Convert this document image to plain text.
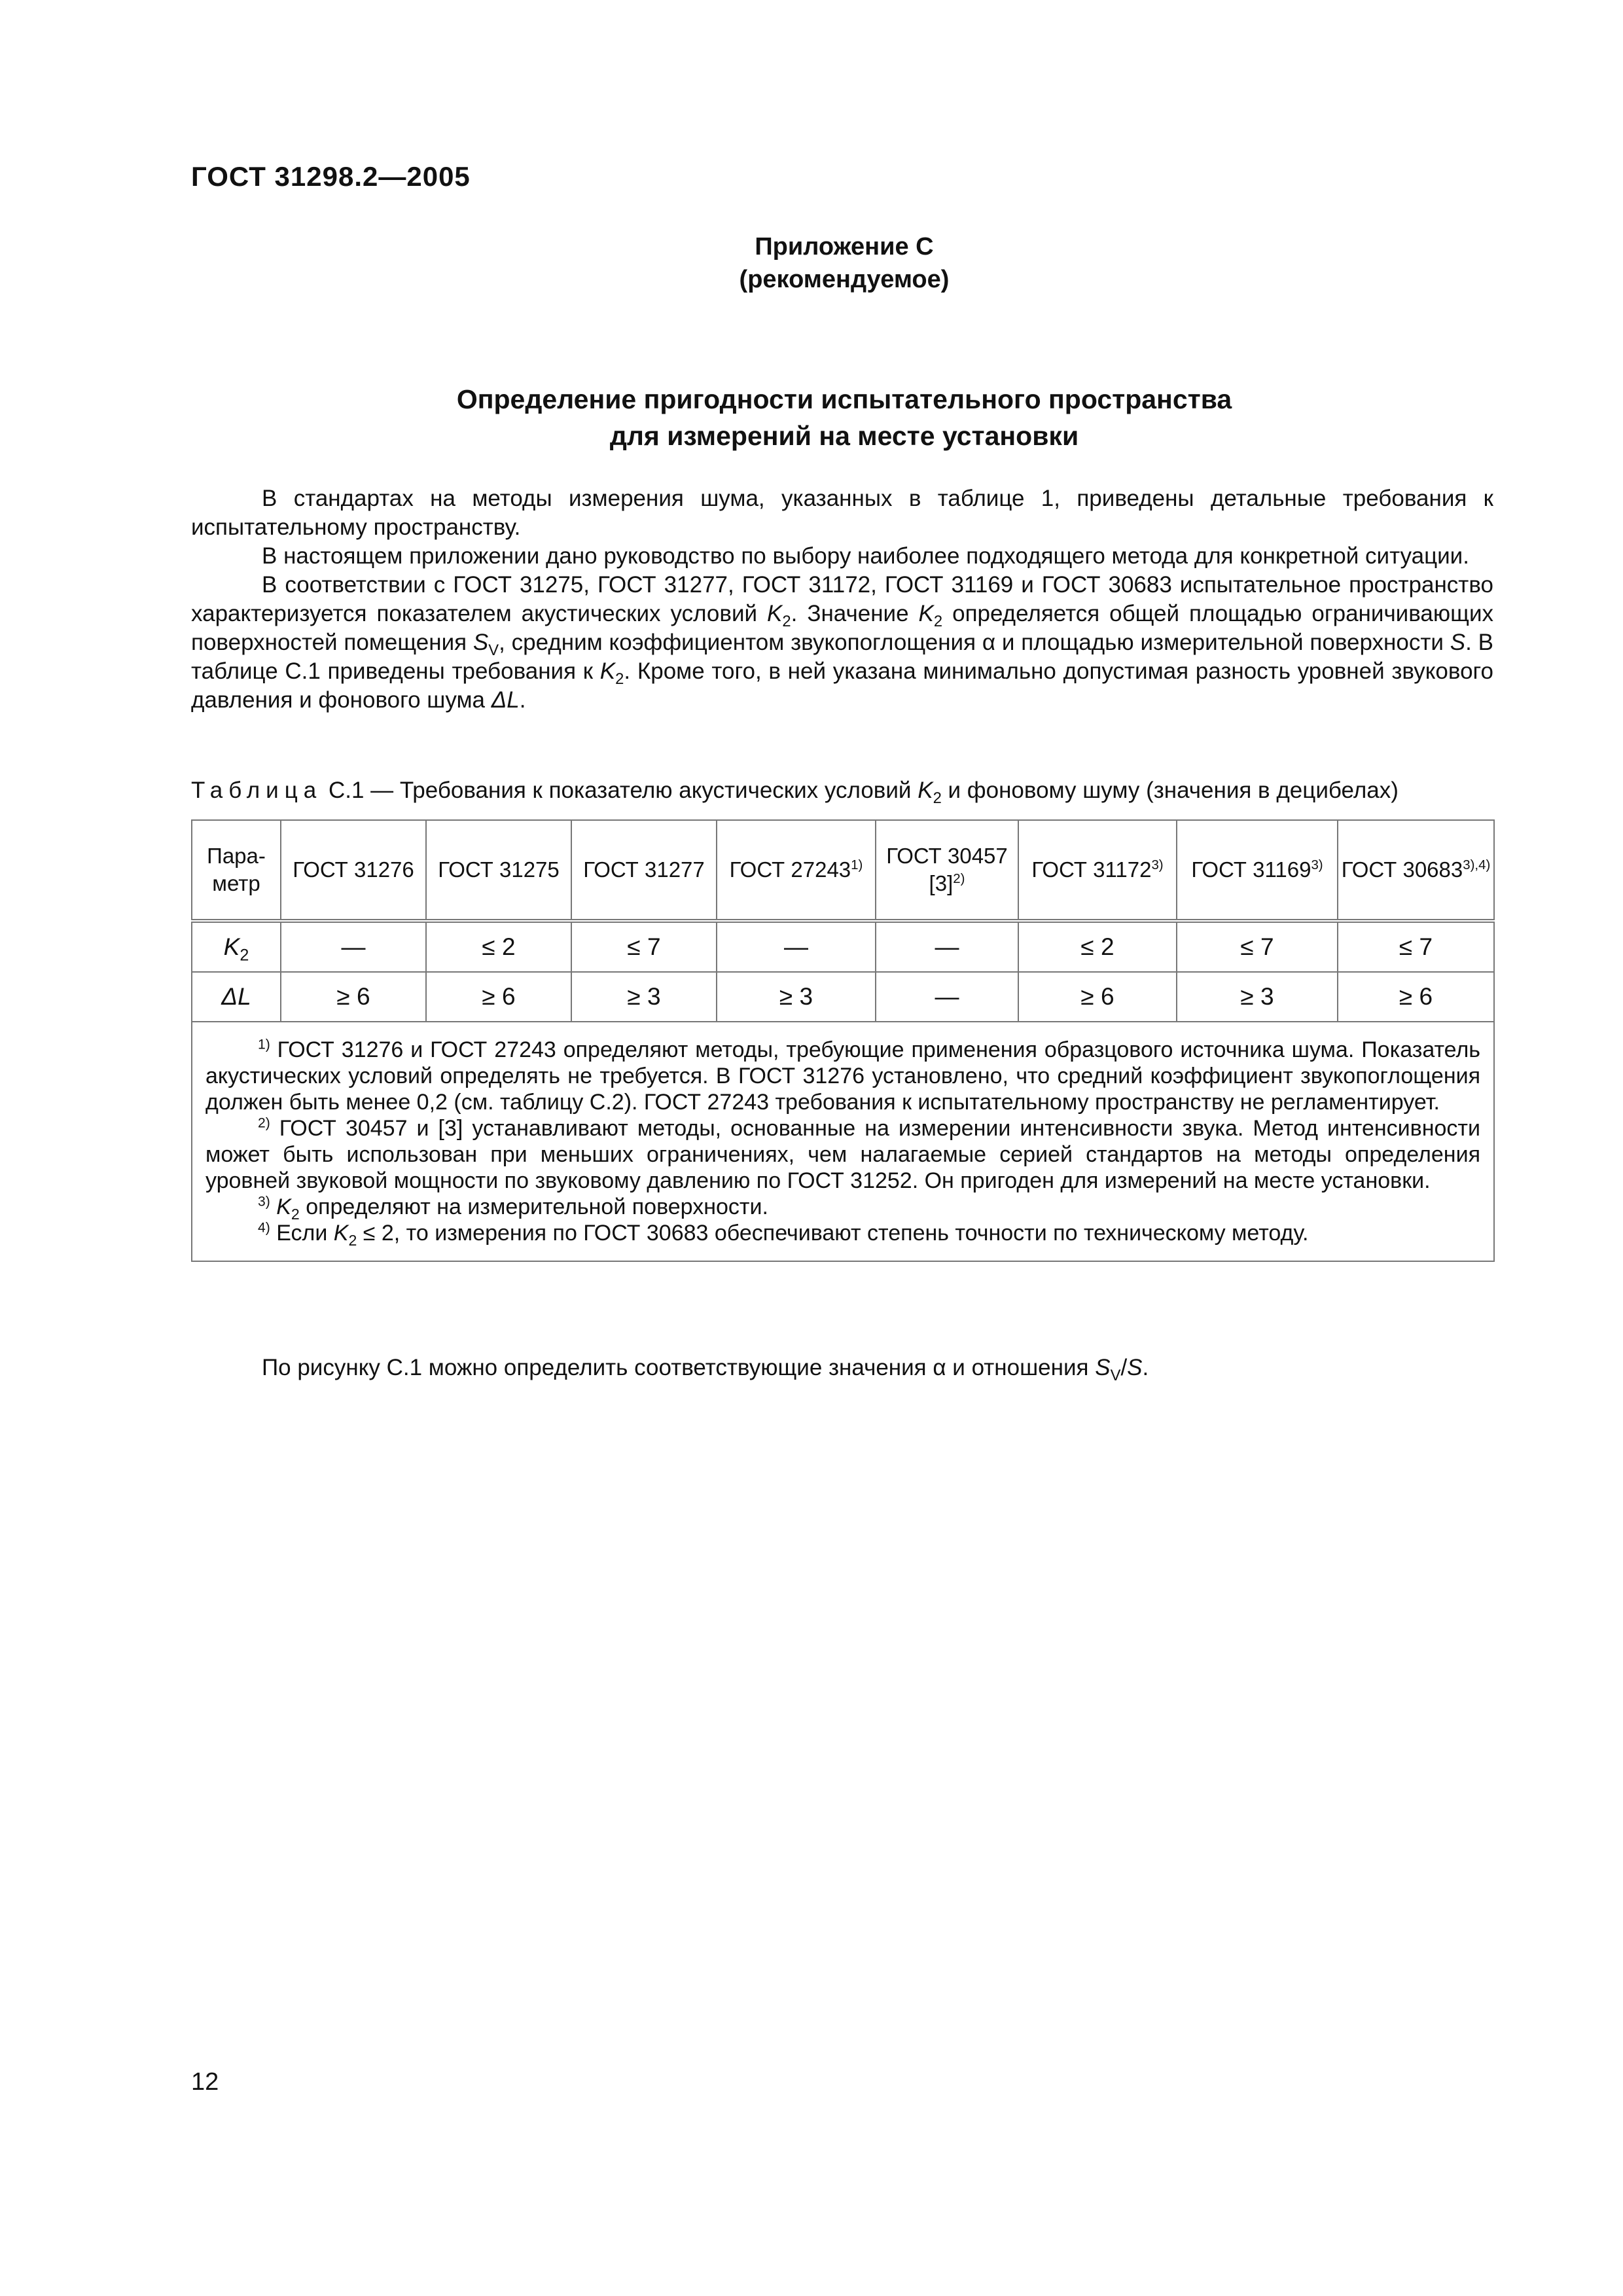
ГОСТ 31298.2—2005
Приложение С
(рекомендуемое)
Определение пригодности испытательного пространства
для измерений на месте установки

В стандартах на методы измерения шума, указанных в таблице 1, приведены детальные требования к испытательному пространству.

В настоящем приложении дано руководство по выбору наиболее подходящего метода для конкретной ситуации.

В соответствии с ГОСТ 31275, ГОСТ 31277, ГОСТ 31172, ГОСТ 31169 и ГОСТ 30683 испытательное пространство характеризуется показателем акустических условий $K_2$. Значение $K_2$ определяется общей площадью ограничивающих поверхностей помещения $S_V$, средним коэффициентом звукопоглощения α и площадью измерительной поверхности S. В таблице С.1 приведены требования к $K_2$. Кроме того, в ней указана минимально допустимая разность уровней звукового давления и фонового шума ΔL.

Таблица С.1 — Требования к показателю акустических условий $K_2$ и фоновому шуму (значения в децибелах)
Пара-метр	ГОСТ 31276	ГОСТ 31275	ГОСТ 31277	ГОСТ 27243$^{1)}$	ГОСТ 30457 $[3]^{2)}$	ГОСТ 31172$^{3)}$	ГОСТ 31169$^{3)}$	ГОСТ $30683^{3),4)}$
$K_2$	—	≤ 2	≤ 7	—	—	≤ 2	≤ 7	≤ 7
ΔL	≥ 6	≥ 6	≥ 3	≥ 3	—	≥ 6	≥ 3	≥ 6

$^{1)}$ ГОСТ 31276 и ГОСТ 27243 определяют методы, требующие применения образцового источника шума. Показатель акустических условий определять не требуется. В ГОСТ 31276 установлено, что средний коэффициент звукопоглощения должен быть менее 0,2 (см. таблицу С.2). ГОСТ 27243 требования к испытательному пространству не регламентирует.

$^{2)}$ ГОСТ 30457 и [3] устанавливают методы, основанные на измерении интенсивности звука. Метод интенсивности может быть использован при меньших ограничениях, чем налагаемые серией стандартов на методы определения уровней звуковой мощности по звуковому давлению по ГОСТ 31252. Он пригоден для измерений на месте установки.

$^{3)}$ $K_2$ определяют на измерительной поверхности.

$^{4)}$ Если $K_2 \le 2$, то измерения по ГОСТ 30683 обеспечивают степень точности по техническому методу.								

По рисунку С.1 можно определить соответствующие значения α и отношения $S_V/S$.
12
